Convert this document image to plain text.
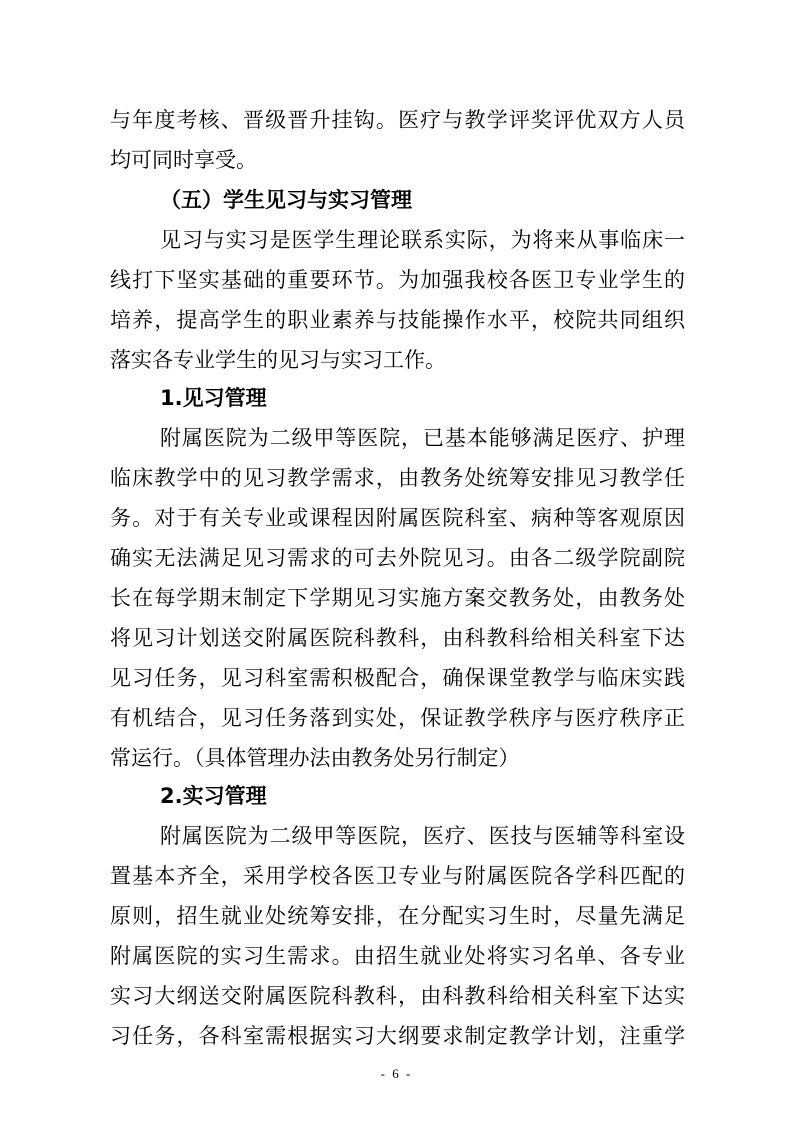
与年度考核、晋级晋升挂钩。医疗与教学评奖评优双方人员
均可同时享受。
（五）学生见习与实习管理
见习与实习是医学生理论联系实际，为将来从事临床一
线打下坚实基础的重要环节。为加强我校各医卫专业学生的
培养，提高学生的职业素养与技能操作水平，校院共同组织
落实各专业学生的见习与实习工作。
1.见习管理
附属医院为二级甲等医院，已基本能够满足医疗、护理
临床教学中的见习教学需求，由教务处统筹安排见习教学任
务。对于有关专业或课程因附属医院科室、病种等客观原因
确实无法满足见习需求的可去外院见习。由各二级学院副院
长在每学期末制定下学期见习实施方案交教务处，由教务处
将见习计划送交附属医院科教科，由科教科给相关科室下达
见习任务，见习科室需积极配合，确保课堂教学与临床实践
有机结合，见习任务落到实处，保证教学秩序与医疗秩序正
常运行。（具体管理办法由教务处另行制定）
2.实习管理
附属医院为二级甲等医院，医疗、医技与医辅等科室设
置基本齐全，采用学校各医卫专业与附属医院各学科匹配的
原则，招生就业处统筹安排，在分配实习生时，尽量先满足
附属医院的实习生需求。由招生就业处将实习名单、各专业
实习大纲送交附属医院科教科，由科教科给相关科室下达实
习任务，各科室需根据实习大纲要求制定教学计划，注重学
- 6 -
